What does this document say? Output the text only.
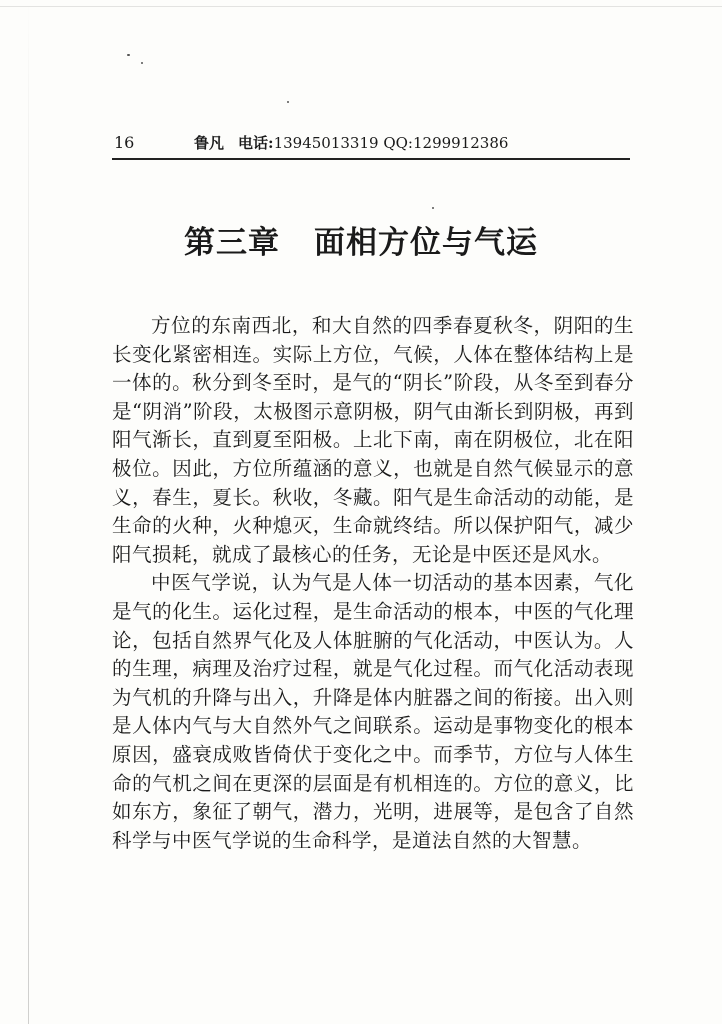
16	鲁凡 电话:13945013319 QQ:1299912386
第三章 面相方位与气运

方位的东南西北，和大自然的四季春夏秋冬，阴阳的生长变化紧密相连。实际上方位，气候，人体在整体结构上是一体的。秋分到冬至时，是气的“阴长”阶段，从冬至到春分是“阴消”阶段，太极图示意阴极，阴气由渐长到阴极，再到阳气渐长，直到夏至阳极。上北下南，南在阴极位，北在阳极位。因此，方位所蕴涵的意义，也就是自然气候显示的意义，春生，夏长。秋收，冬藏。阳气是生命活动的动能，是生命的火种，火种熄灭，生命就终结。所以保护阳气，减少阳气损耗，就成了最核心的任务，无论是中医还是风水。

中医气学说，认为气是人体一切活动的基本因素，气化是气的化生。运化过程，是生命活动的根本，中医的气化理论，包括自然界气化及人体脏腑的气化活动，中医认为。人的生理，病理及治疗过程，就是气化过程。而气化活动表现为气机的升降与出入，升降是体内脏器之间的衔接。出入则是人体内气与大自然外气之间联系。运动是事物变化的根本原因，盛衰成败皆倚伏于变化之中。而季节，方位与人体生命的气机之间在更深的层面是有机相连的。方位的意义，比如东方，象征了朝气，潜力，光明，进展等，是包含了自然科学与中医气学说的生命科学，是道法自然的大智慧。
